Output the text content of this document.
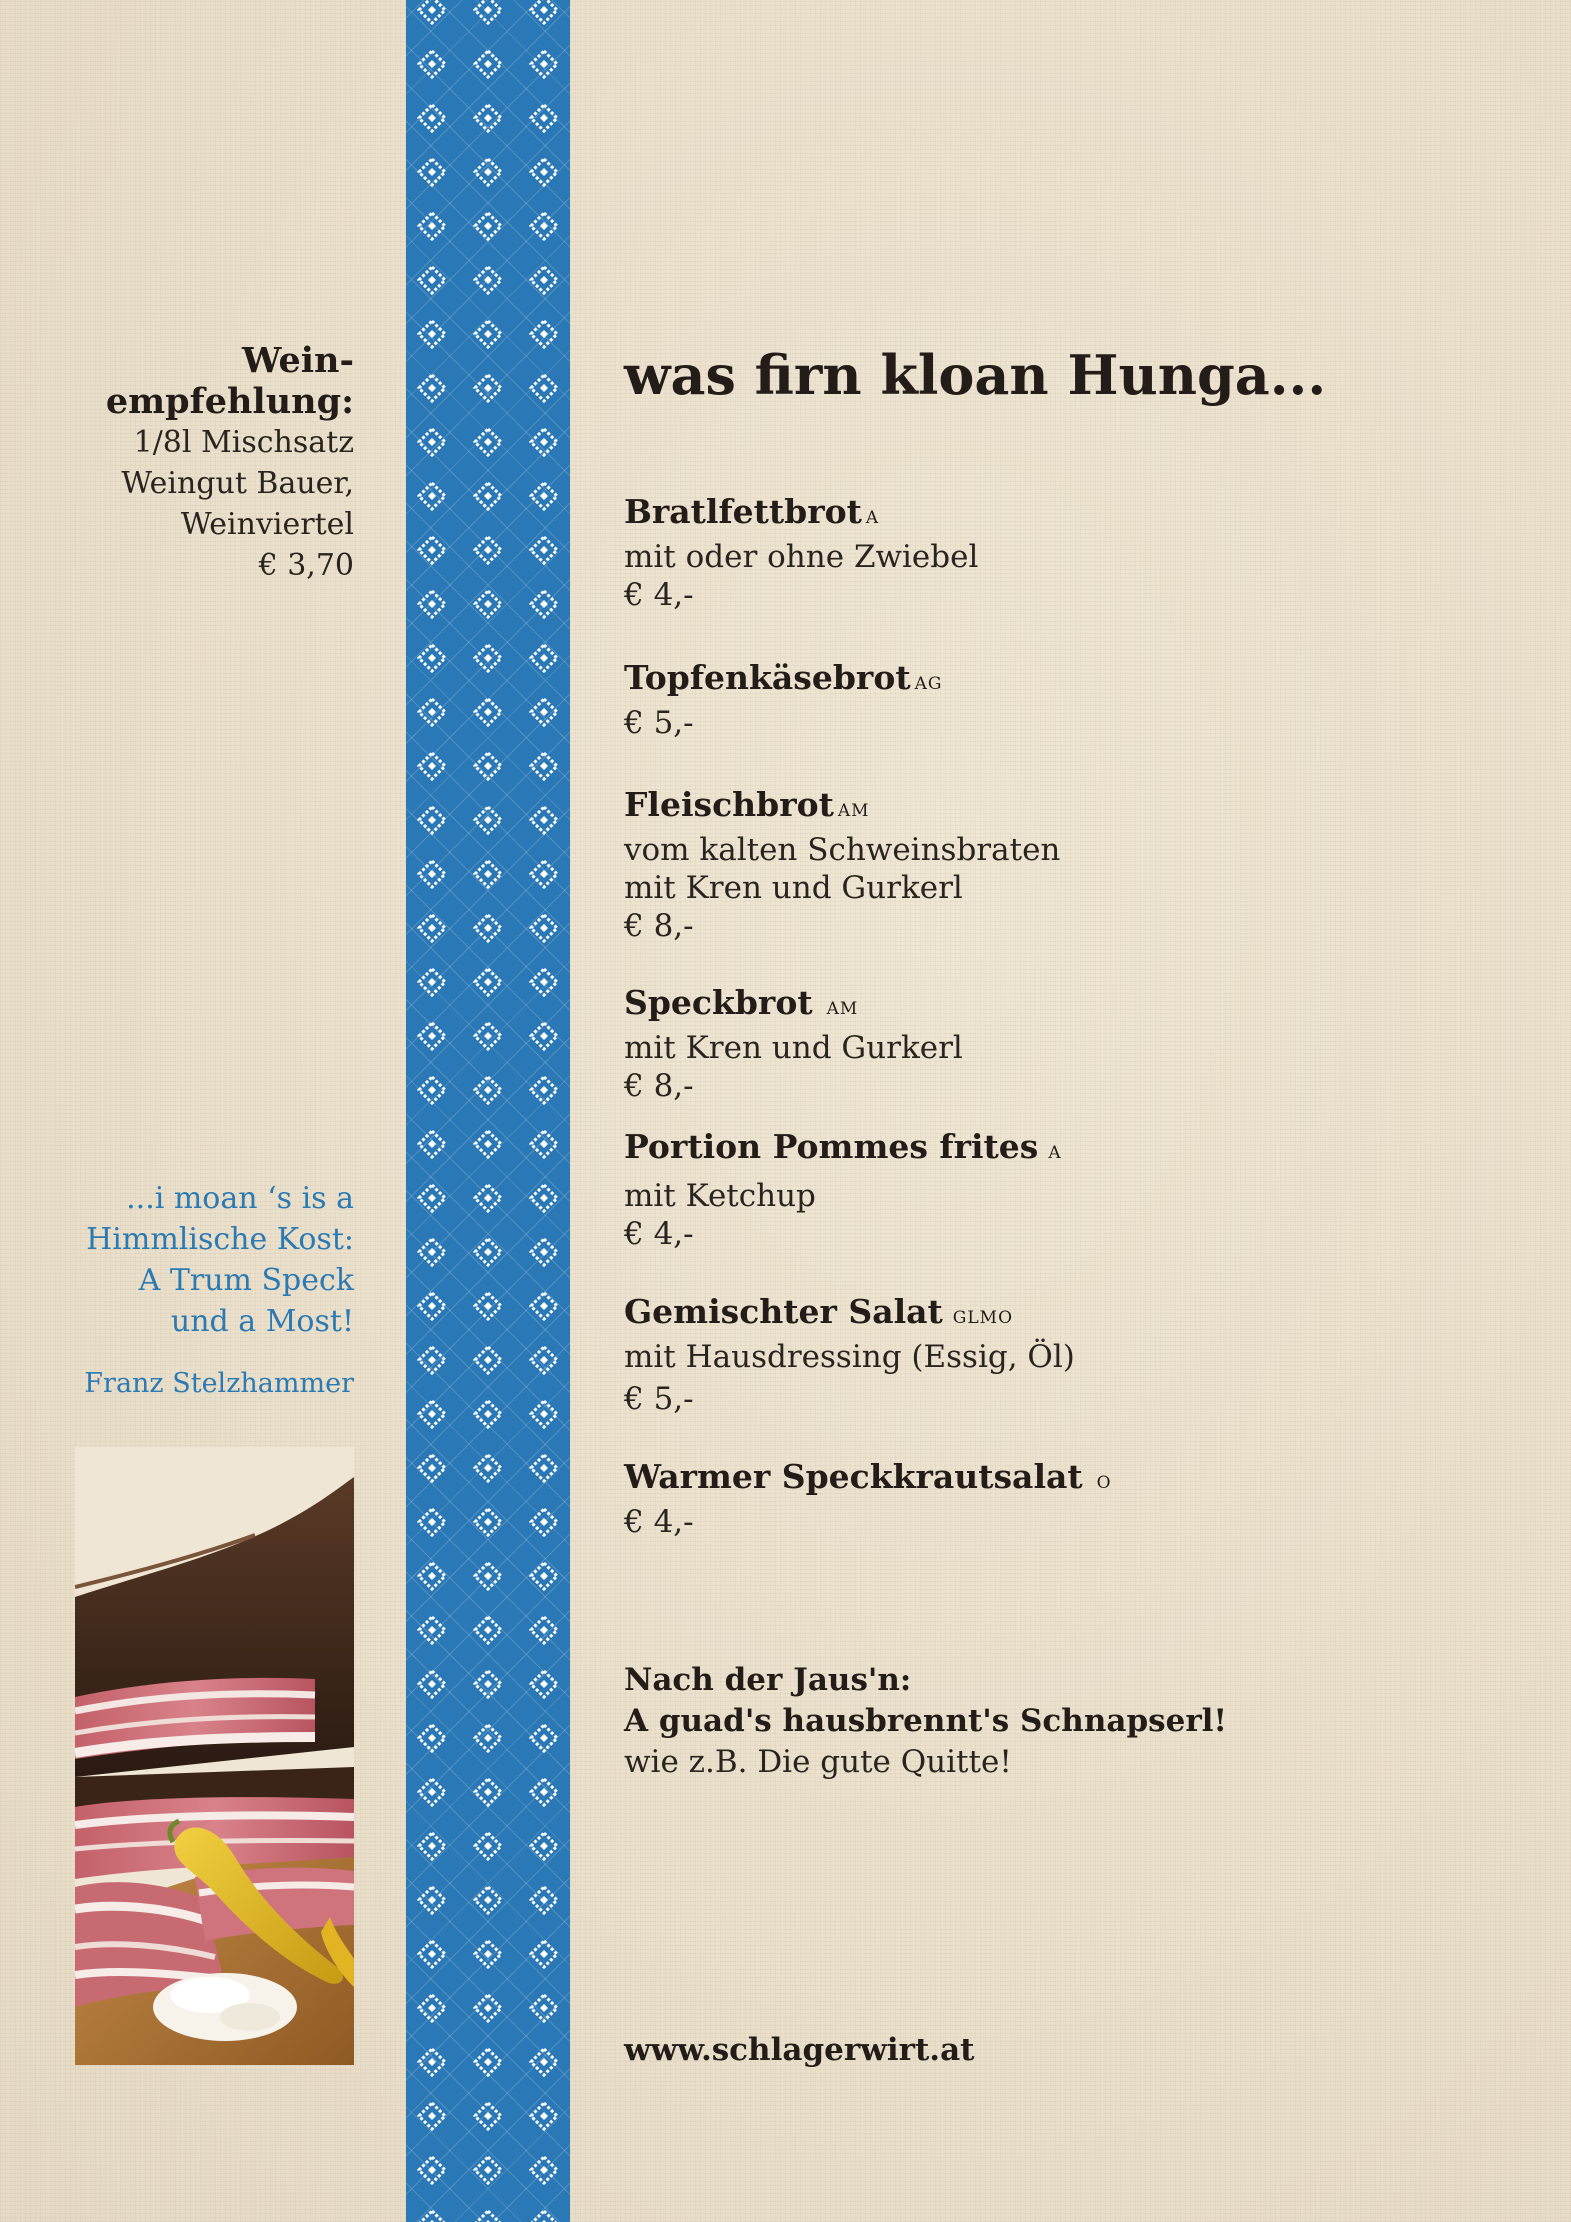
Wein-

empfehlung:

1/8l Mischsatz

Weingut Bauer,

Weinviertel

€ 3,70

...i moan ‘s is a

Himmlische Kost:

A Trum Speck

und a Most!

Franz Stelzhammer

was firn kloan Hunga...
Bratlfettbrot A
mit oder ohne Zwiebel
€ 4,-
Topfenkäsebrot AG
€ 5,-
Fleischbrot AM
vom kalten Schweinsbraten
mit Kren und Gurkerl
€ 8,-
Speckbrot AM
mit Kren und Gurkerl
€ 8,-
Portion Pommes frites A
mit Ketchup
€ 4,-
Gemischter Salat GLMO
mit Hausdressing (Essig, Öl)
€ 5,-
Warmer Speckkrautsalat O
€ 4,-
Nach der Jaus'n:
A guad's hausbrennt's Schnapserl!
wie z.B. Die gute Quitte!
www.schlagerwirt.at
